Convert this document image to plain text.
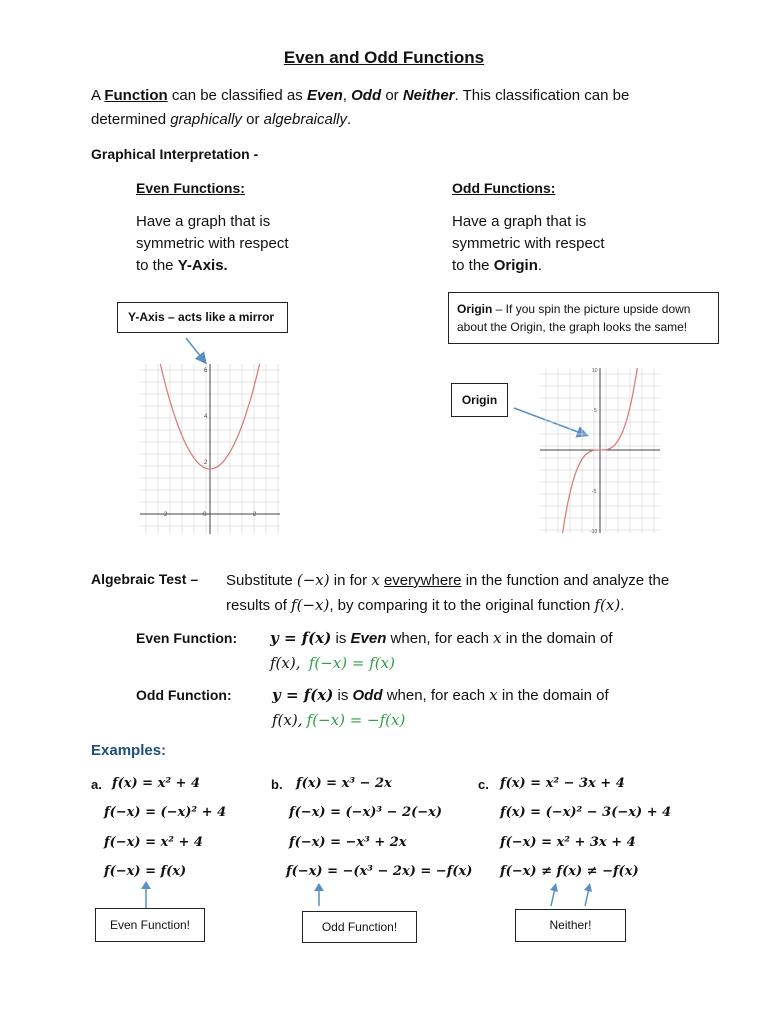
Even and Odd Functions
A Function can be classified as Even, Odd or Neither. This classification can be
determined graphically or algebraically.
Graphical Interpretation -
Even Functions:
Have a graph that is
symmetric with respect
to the Y-Axis.
Odd Functions:
Have a graph that is
symmetric with respect
to the Origin.
Y-Axis – acts like a mirror
Origin – If you spin the picture upside down about the Origin, the graph looks the same!
Origin
-2	0	2
6
4
2
10
5
-5
-10
Algebraic Test – Substitute (−x) in for x everywhere in the function and analyze the
results of f(−x), by comparing it to the original function f(x).
Even Function: y = f(x) is Even when, for each x in the domain of
f(x), f(−x) = f(x)
Odd Function:	y = f(x) is Odd when, for each x in the domain of
f(x), f(−x) = −f(x)
Examples:
a. f(x) = x² + 4
f(−x) = (−x)² + 4
f(−x) = x² + 4
f(−x) = f(x)
b. f(x) = x³ − 2x
f(−x) = (−x)³ − 2(−x)
f(−x) = −x³ + 2x
f(−x) = −(x³ − 2x) = −f(x)
c. f(x) = x² − 3x + 4
f(x) = (−x)² − 3(−x) + 4
f(−x) = x² + 3x + 4
f(−x) ≠ f(x) ≠ −f(x)
Even Function!	Odd Function!	Neither!
